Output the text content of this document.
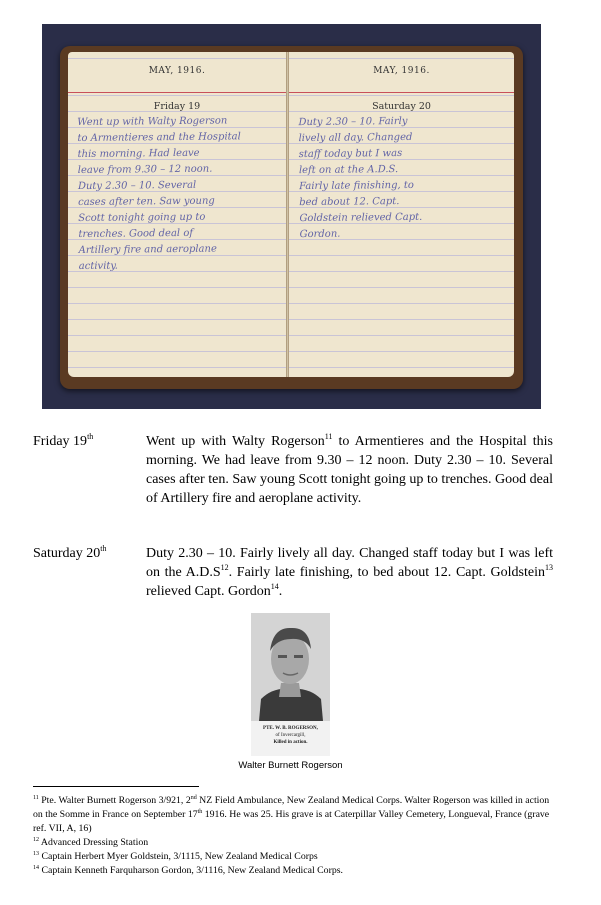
MAY, 1916.
Friday 19
Went up with Walty Rogerson
to Armentieres and the Hospital
this morning. Had leave
leave from 9.30 – 12 noon.
Duty 2.30 – 10. Several
cases after ten. Saw young
Scott tonight going up to
trenches. Good deal of
Artillery fire and aeroplane
activity.
MAY, 1916.
Saturday 20
Duty 2.30 – 10. Fairly
lively all day. Changed
staff today but I was
left on at the A.D.S.
Fairly late finishing, to
bed about 12. Capt.
Goldstein relieved Capt.
Gordon.
Friday 19th	Went up with Walty Rogerson$^{11}$ to Armentieres and the Hospital this morning. We had leave from 9.30 – 12 noon. Duty 2.30 – 10. Several cases after ten. Saw young Scott tonight going up to trenches. Good deal of Artillery fire and aeroplane activity.
Saturday 20th	Duty 2.30 – 10. Fairly lively all day. Changed staff today but I was left on the $A.D.S^{12}$. Fairly late finishing, to bed about 12. Capt. Goldstein$^{13}$ relieved Capt. Gordon$^{14}$.
PTE. W. B. ROGERSON,
of Invercargill,
Killed in action.
Walter Burnett Rogerson
$^{11}$ Pte. Walter Burnett Rogerson 3/921, 2nd NZ Field Ambulance, New Zealand Medical Corps. Walter Rogerson was killed in action on the Somme in France on September 17th 1916. He was 25. His grave is at Caterpillar Valley Cemetery, Longueval, France (grave ref. VII, A, 16)
$^{12}$ Advanced Dressing Station
$^{13}$ Captain Herbert Myer Goldstein, 3/1115, New Zealand Medical Corps
$^{14}$ Captain Kenneth Farquharson Gordon, 3/1116, New Zealand Medical Corps.
